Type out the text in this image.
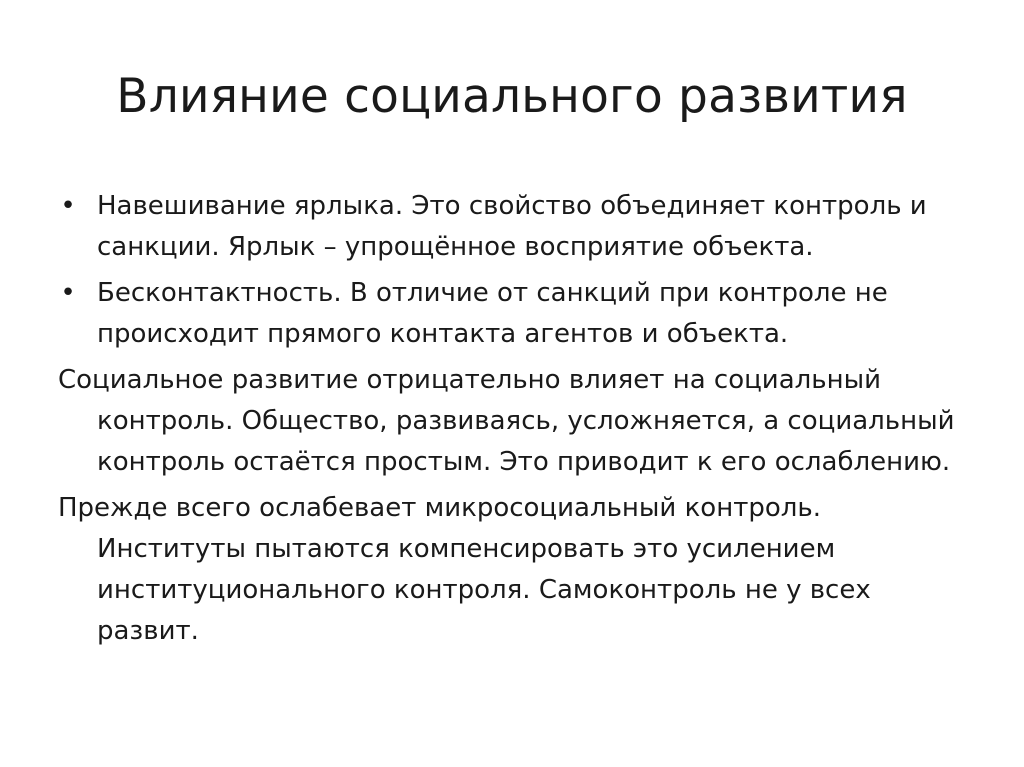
Влияние социального развития
• Навешивание ярлыка. Это свойство объединяет контроль и санкции. Ярлык – упрощённое восприятие объекта.
• Бесконтактность. В отличие от санкций при контроле не происходит прямого контакта агентов и объекта.
Социальное развитие отрицательно влияет на социальный контроль. Общество, развиваясь, усложняется, а социальный контроль остаётся простым. Это приводит к его ослаблению.
Прежде всего ослабевает микросоциальный контроль. Институты пытаются компенсировать это усилением институционального контроля. Самоконтроль не у всех развит.
